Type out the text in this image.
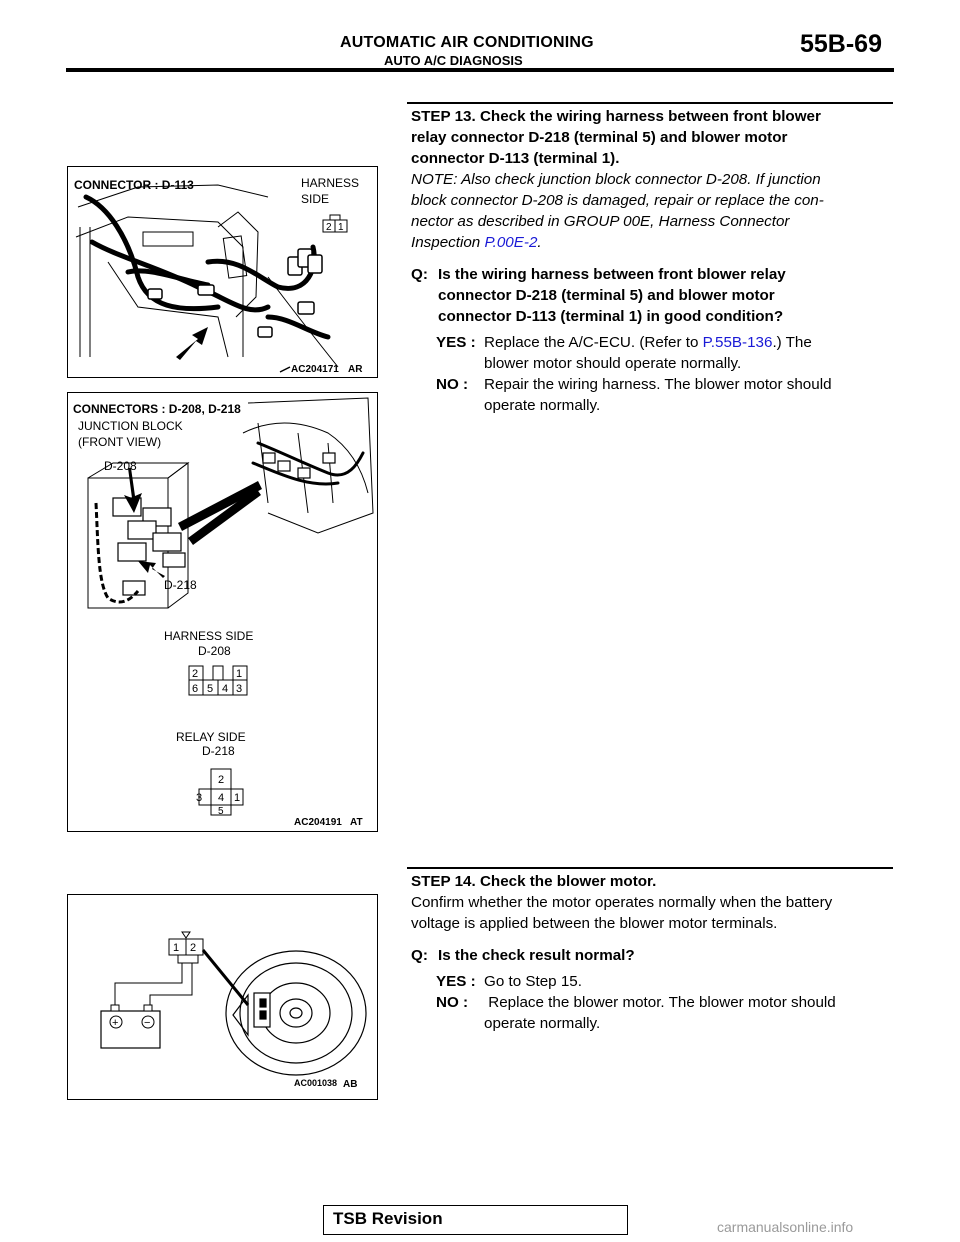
AUTOMATIC AIR CONDITIONING
AUTO A/C DIAGNOSIS
55B-69
STEP 13. Check the wiring harness between front blower
relay connector D-218 (terminal 5) and blower motor
connector D-113 (terminal 1).
NOTE: Also check junction block connector D-208. If junction
block connector D-208 is damaged, repair or replace the con-
nector as described in GROUP 00E, Harness Connector
Inspection P.00E-2.
Q: Is the wiring harness between front blower relay
connector D-218 (terminal 5) and blower motor
connector D-113 (terminal 1) in good condition?
YES : Replace the A/C-ECU. (Refer to P.55B-136.) The
blower motor should operate normally.
NO :	Repair the wiring harness. The blower motor should
operate normally.
STEP 14. Check the blower motor.
Confirm whether the motor operates normally when the battery
voltage is applied between the blower motor terminals.
Q: Is the check result normal?
YES : Go to Step 15.
NO :	Replace the blower motor. The blower motor should
operate normally.
CONNECTOR : D-113	HARNESS
SIDE
2 1
AC204171 AR
CONNECTORS : D-208, D-218
JUNCTION BLOCK
(FRONT VIEW)
D-208
D-218
HARNESS SIDE
D-208
2	1
6 5 4 3
RELAY SIDE
D-218
2
3 4 1
5
AC204191 AT
1 2
+ −
AC001038 AB
TSB Revision	carmanualsonline.info
